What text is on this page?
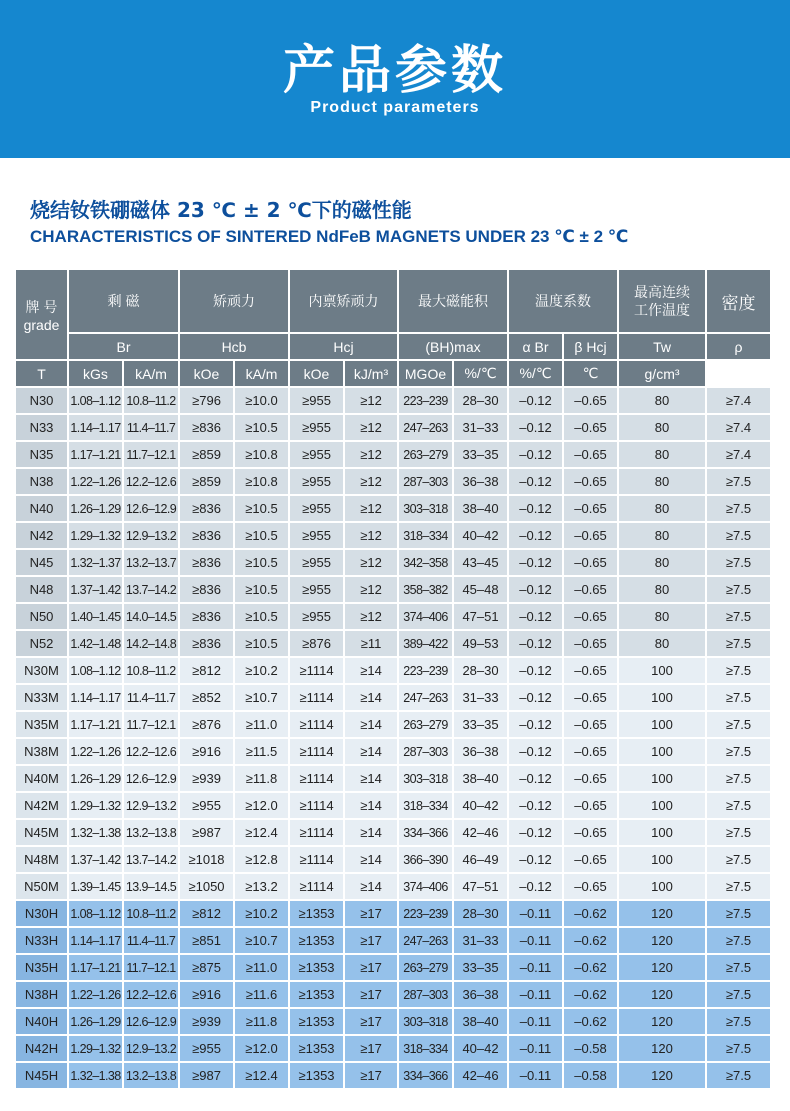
产品参数
Product parameters
烧结钕铁硼磁体 23 ℃ ± 2 ℃下的磁性能
CHARACTERISTICS OF SINTERED NdFeB MAGNETS UNDER 23 ℃ ± 2 ℃
牌 号
grade	剩 磁		矫顽力		内禀矫顽力		最大磁能积		温度系数		最高连续工作温度	密度
	Br		Hcb		Hcj		(BH)max		α Br	β Hcj	Tw	ρ
T	kGs	kA/m	kOe	kA/m	kOe	kJ/m³	MGOe	%/℃	%/℃	℃	g/cm³	
N30	1.08–1.12	10.8–11.2	≥796	≥10.0	≥955	≥12	223–239	28–30	–0.12	–0.65	80	≥7.4
N33	1.14–1.17	11.4–11.7	≥836	≥10.5	≥955	≥12	247–263	31–33	–0.12	–0.65	80	≥7.4
N35	1.17–1.21	11.7–12.1	≥859	≥10.8	≥955	≥12	263–279	33–35	–0.12	–0.65	80	≥7.4
N38	1.22–1.26	12.2–12.6	≥859	≥10.8	≥955	≥12	287–303	36–38	–0.12	–0.65	80	≥7.5
N40	1.26–1.29	12.6–12.9	≥836	≥10.5	≥955	≥12	303–318	38–40	–0.12	–0.65	80	≥7.5
N42	1.29–1.32	12.9–13.2	≥836	≥10.5	≥955	≥12	318–334	40–42	–0.12	–0.65	80	≥7.5
N45	1.32–1.37	13.2–13.7	≥836	≥10.5	≥955	≥12	342–358	43–45	–0.12	–0.65	80	≥7.5
N48	1.37–1.42	13.7–14.2	≥836	≥10.5	≥955	≥12	358–382	45–48	–0.12	–0.65	80	≥7.5
N50	1.40–1.45	14.0–14.5	≥836	≥10.5	≥955	≥12	374–406	47–51	–0.12	–0.65	80	≥7.5
N52	1.42–1.48	14.2–14.8	≥836	≥10.5	≥876	≥11	389–422	49–53	–0.12	–0.65	80	≥7.5
N30M	1.08–1.12	10.8–11.2	≥812	≥10.2	≥1114	≥14	223–239	28–30	–0.12	–0.65	100	≥7.5
N33M	1.14–1.17	11.4–11.7	≥852	≥10.7	≥1114	≥14	247–263	31–33	–0.12	–0.65	100	≥7.5
N35M	1.17–1.21	11.7–12.1	≥876	≥11.0	≥1114	≥14	263–279	33–35	–0.12	–0.65	100	≥7.5
N38M	1.22–1.26	12.2–12.6	≥916	≥11.5	≥1114	≥14	287–303	36–38	–0.12	–0.65	100	≥7.5
N40M	1.26–1.29	12.6–12.9	≥939	≥11.8	≥1114	≥14	303–318	38–40	–0.12	–0.65	100	≥7.5
N42M	1.29–1.32	12.9–13.2	≥955	≥12.0	≥1114	≥14	318–334	40–42	–0.12	–0.65	100	≥7.5
N45M	1.32–1.38	13.2–13.8	≥987	≥12.4	≥1114	≥14	334–366	42–46	–0.12	–0.65	100	≥7.5
N48M	1.37–1.42	13.7–14.2	≥1018	≥12.8	≥1114	≥14	366–390	46–49	–0.12	–0.65	100	≥7.5
N50M	1.39–1.45	13.9–14.5	≥1050	≥13.2	≥1114	≥14	374–406	47–51	–0.12	–0.65	100	≥7.5
N30H	1.08–1.12	10.8–11.2	≥812	≥10.2	≥1353	≥17	223–239	28–30	–0.11	–0.62	120	≥7.5
N33H	1.14–1.17	11.4–11.7	≥851	≥10.7	≥1353	≥17	247–263	31–33	–0.11	–0.62	120	≥7.5
N35H	1.17–1.21	11.7–12.1	≥875	≥11.0	≥1353	≥17	263–279	33–35	–0.11	–0.62	120	≥7.5
N38H	1.22–1.26	12.2–12.6	≥916	≥11.6	≥1353	≥17	287–303	36–38	–0.11	–0.62	120	≥7.5
N40H	1.26–1.29	12.6–12.9	≥939	≥11.8	≥1353	≥17	303–318	38–40	–0.11	–0.62	120	≥7.5
N42H	1.29–1.32	12.9–13.2	≥955	≥12.0	≥1353	≥17	318–334	40–42	–0.11	–0.58	120	≥7.5
N45H	1.32–1.38	13.2–13.8	≥987	≥12.4	≥1353	≥17	334–366	42–46	–0.11	–0.58	120	≥7.5
